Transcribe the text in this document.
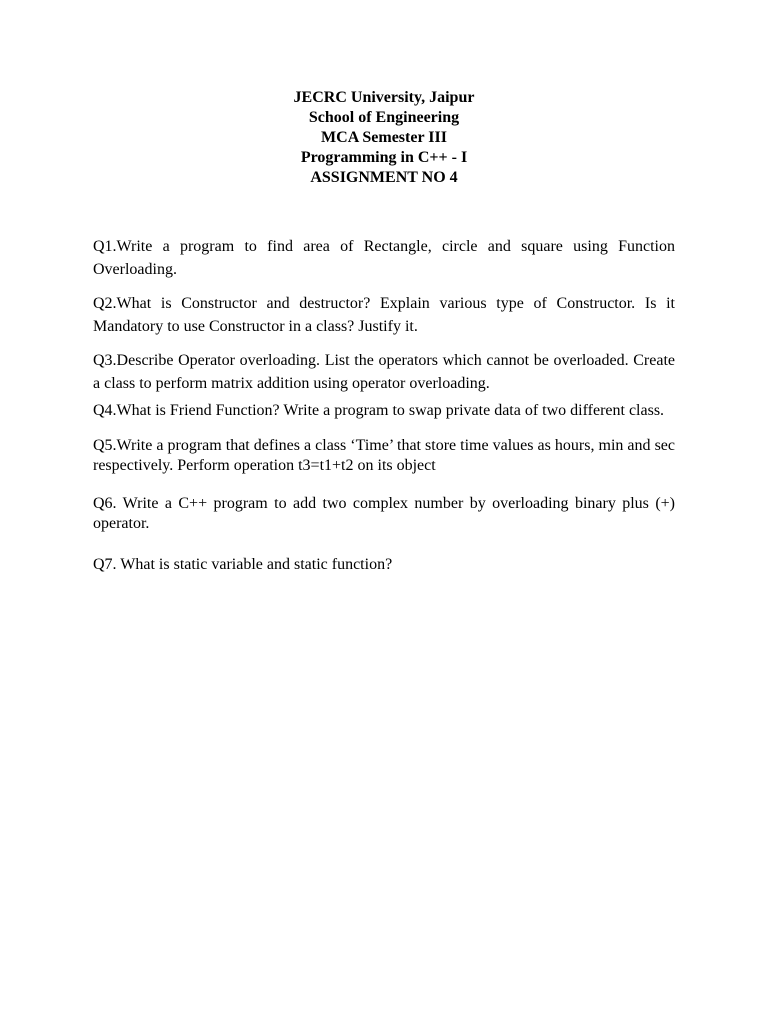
JECRC University, Jaipur
School of Engineering
MCA Semester III
Programming in C++ - I
ASSIGNMENT NO 4

Q1.Write a program to find area of Rectangle, circle and square using Function Overloading.

Q2.What is Constructor and destructor? Explain various type of Constructor. Is it Mandatory to use Constructor in a class? Justify it.

Q3.Describe Operator overloading. List the operators which cannot be overloaded. Create a class to perform matrix addition using operator overloading.

Q4.What is Friend Function? Write a program to swap private data of two different class.

Q5.Write a program that defines a class ‘Time’ that store time values as hours, min and sec respectively. Perform operation t3=t1+t2 on its object

Q6. Write a C++ program to add two complex number by overloading binary plus (+) operator.

Q7. What is static variable and static function?
